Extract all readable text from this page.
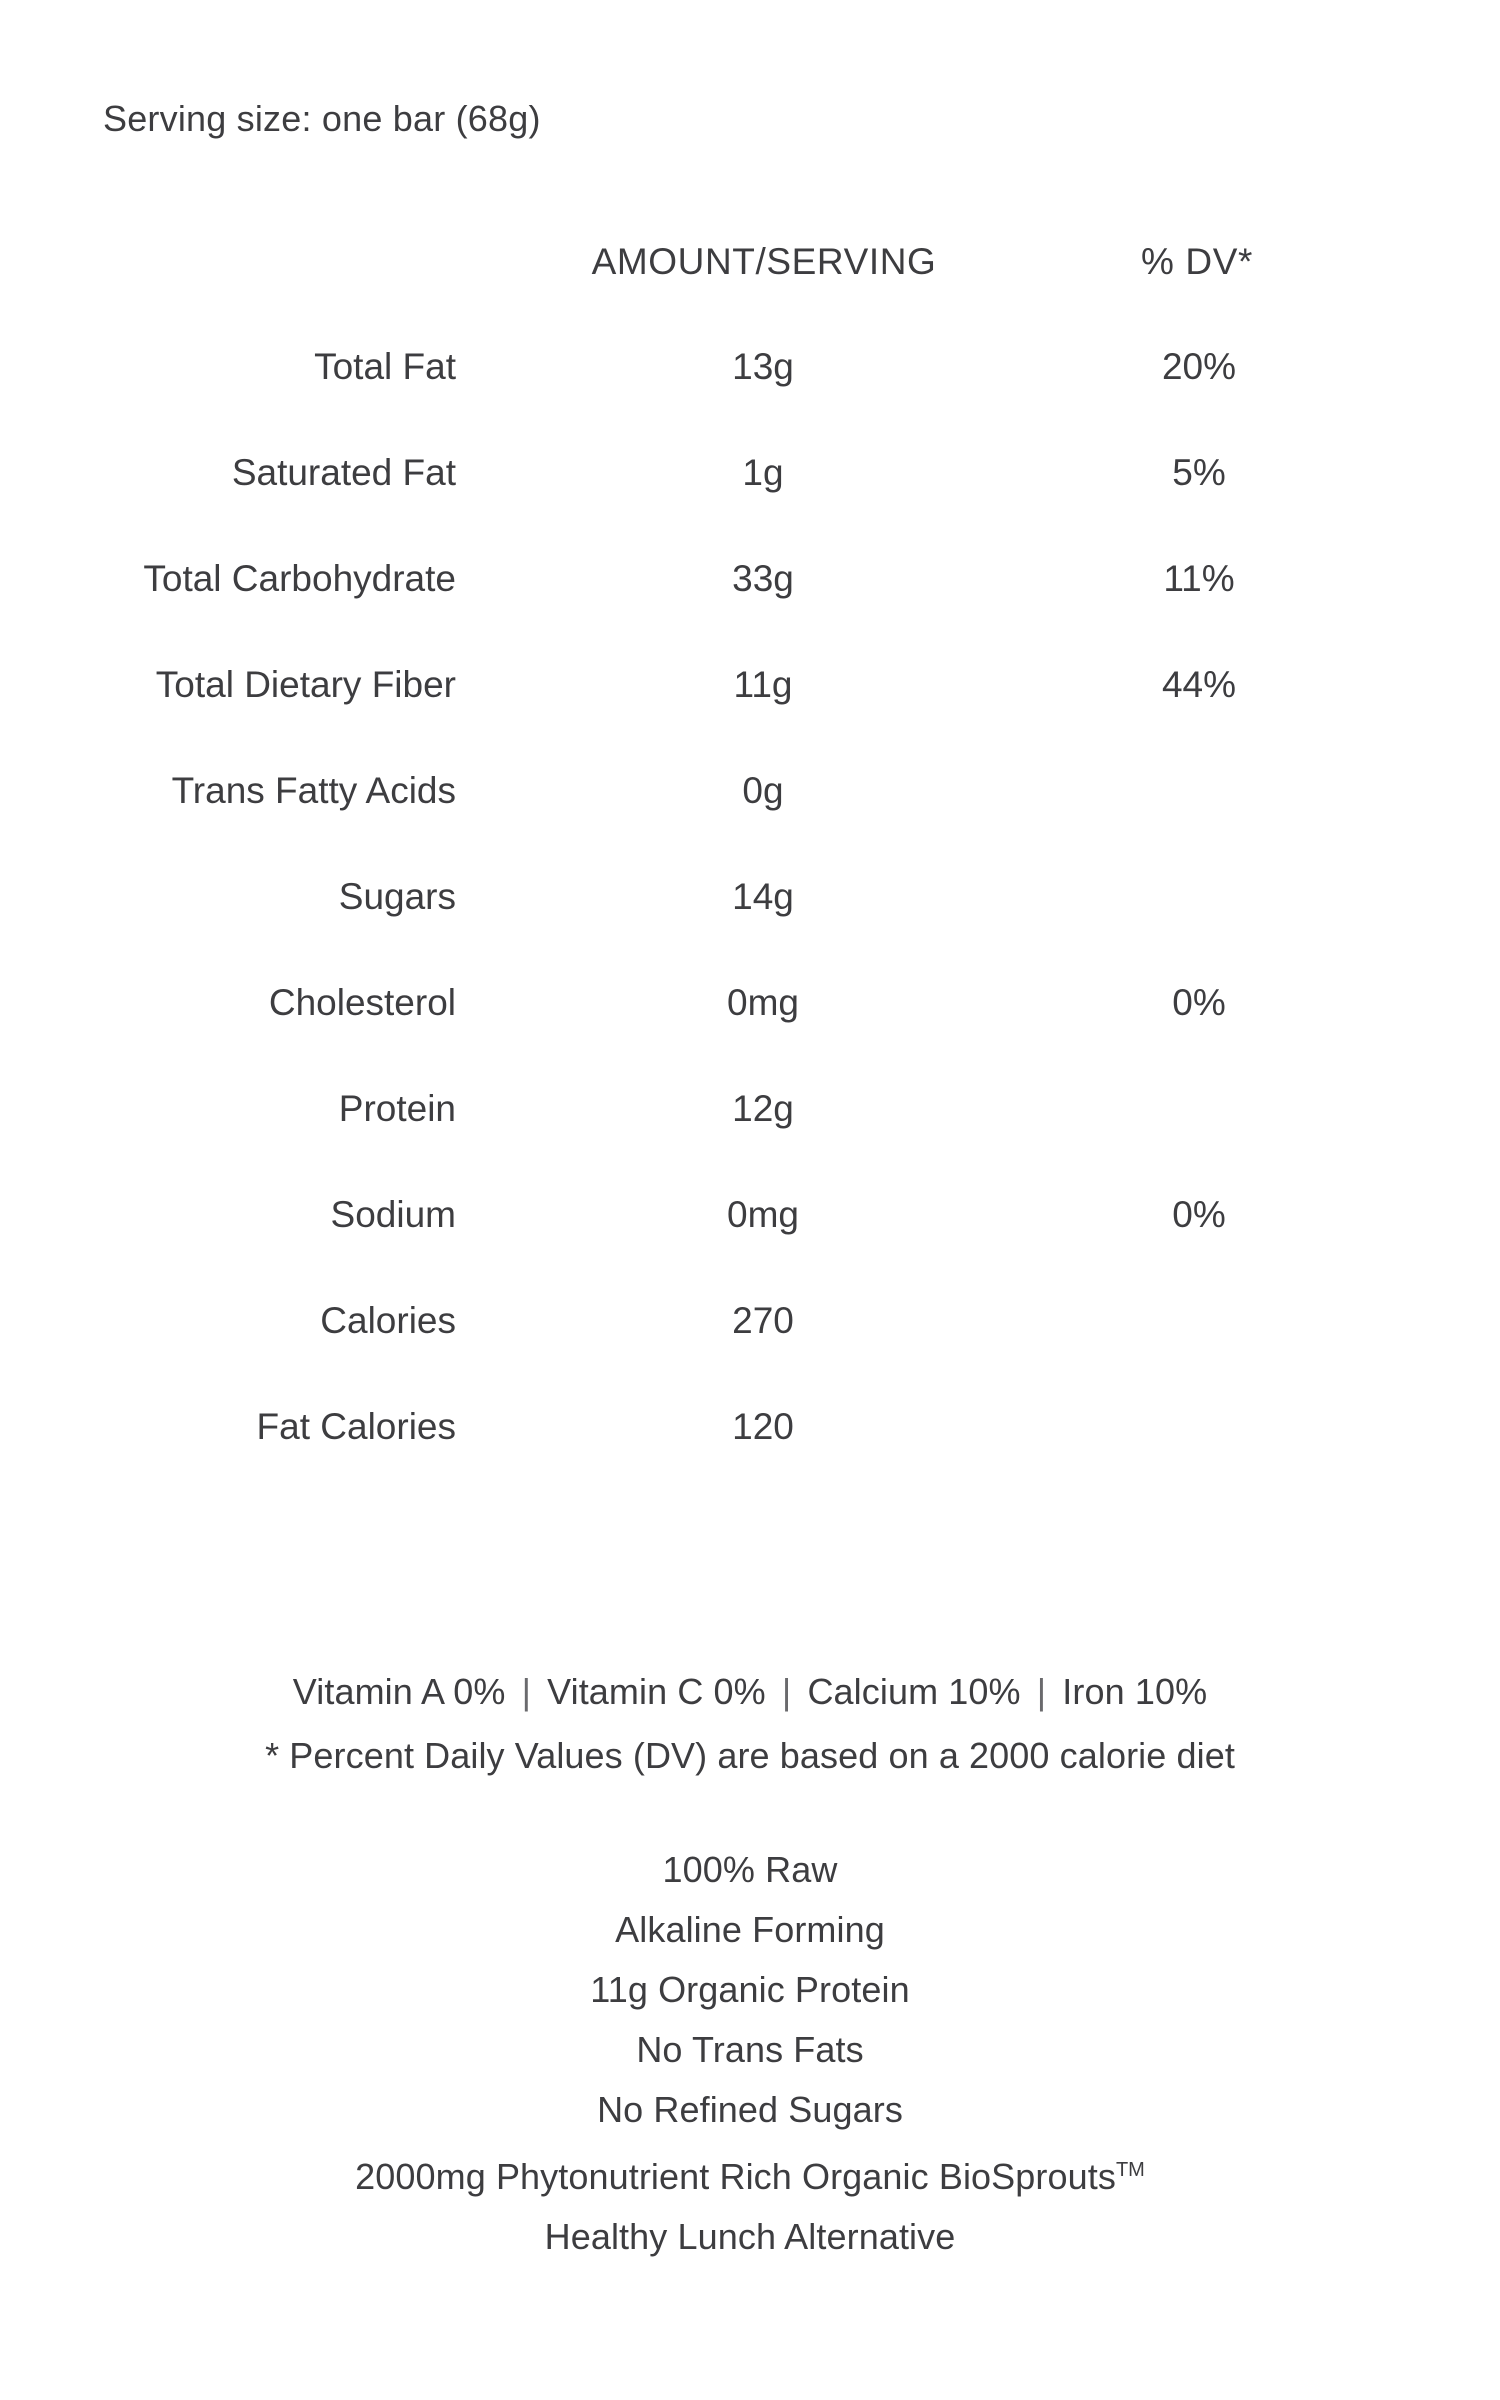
Serving size: one bar (68g)
	AMOUNT/SERVING	% DV*
Total Fat	13g	20%
Saturated Fat	1g	5%
Total Carbohydrate	33g	11%
Total Dietary Fiber	11g	44%
Trans Fatty Acids	0g	
Sugars	14g	
Cholesterol	0mg	0%
Protein	12g	
Sodium	0mg	0%
Calories	270	
Fat Calories	120	
Vitamin A 0% | Vitamin C 0% | Calcium 10% | Iron 10%
* Percent Daily Values (DV) are based on a 2000 calorie diet
100% Raw
Alkaline Forming
11g Organic Protein
No Trans Fats
No Refined Sugars
2000mg Phytonutrient Rich Organic BioSprouts™
Healthy Lunch Alternative
